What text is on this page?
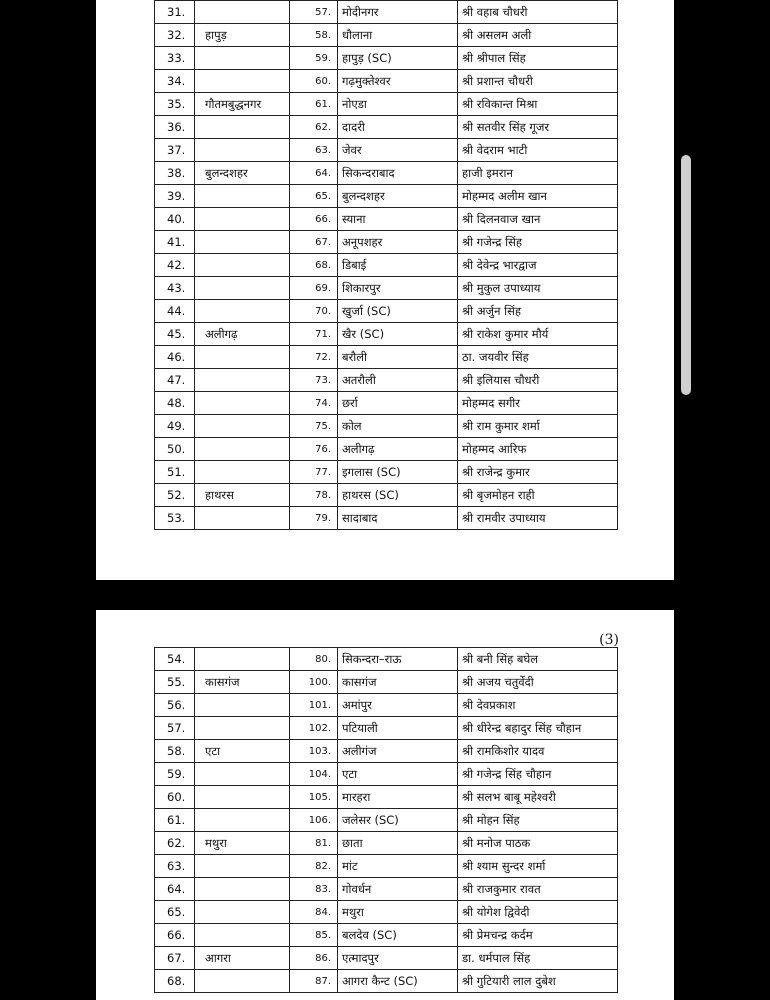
31.		57.	मोदीनगर	श्री वहाब चौधरी
32.	हापुड़	58.	धौलाना	श्री असलम अली
33.		59.	हापुड़ (SC)	श्री श्रीपाल सिंह
34.		60.	गढ़मुक्तेश्वर	श्री प्रशान्त चौधरी
35.	गौतमबुद्धनगर	61.	नोएडा	श्री रविकान्त मिश्रा
36.		62.	दादरी	श्री सतवीर सिंह गूजर
37.		63.	जेवर	श्री वेदराम भाटी
38.	बुलन्दशहर	64.	सिकन्दराबाद	हाजी इमरान
39.		65.	बुलन्दशहर	मोहम्मद अलीम खान
40.		66.	स्याना	श्री दिलनवाज खान
41.		67.	अनूपशहर	श्री गजेन्द्र सिंह
42.		68.	डिबाई	श्री देवेन्द्र भारद्वाज
43.		69.	शिकारपुर	श्री मुकुल उपाध्याय
44.		70.	खुर्जा (SC)	श्री अर्जुन सिंह
45.	अलीगढ़	71.	खैर (SC)	श्री राकेश कुमार मौर्य
46.		72.	बरौली	ठा. जयवीर सिंह
47.		73.	अतरौली	श्री इलियास चौधरी
48.		74.	छर्रा	मोहम्मद सगीर
49.		75.	कोल	श्री राम कुमार शर्मा
50.		76.	अलीगढ़	मोहम्मद आरिफ
51.		77.	इगलास (SC)	श्री राजेन्द्र कुमार
52.	हाथरस	78.	हाथरस (SC)	श्री बृजमोहन राही
53.		79.	सादाबाद	श्री रामवीर उपाध्याय
(3)
54.		80.	सिकन्दरा–राऊ	श्री बनी सिंह बघेल
55.	कासगंज	100.	कासगंज	श्री अजय चतुर्वेदी
56.		101.	अमांपुर	श्री देवप्रकाश
57.		102.	पटियाली	श्री धीरेन्द्र बहादुर सिंह चौहान
58.	एटा	103.	अलीगंज	श्री रामकिशोर यादव
59.		104.	एटा	श्री गजेन्द्र सिंह चौहान
60.		105.	मारहरा	श्री सलभ बाबू महेश्वरी
61.		106.	जलेसर (SC)	श्री मोहन सिंह
62.	मथुरा	81.	छाता	श्री मनोज पाठक
63.		82.	मांट	श्री श्याम सुन्दर शर्मा
64.		83.	गोवर्धन	श्री राजकुमार रावत
65.		84.	मथुरा	श्री योगेश द्विवेदी
66.		85.	बलदेव (SC)	श्री प्रेमचन्द्र कर्दम
67.	आगरा	86.	एत्मादपुर	डा. धर्मपाल सिंह
68.		87.	आगरा कैन्ट (SC)	श्री गुटियारी लाल दुबेश
